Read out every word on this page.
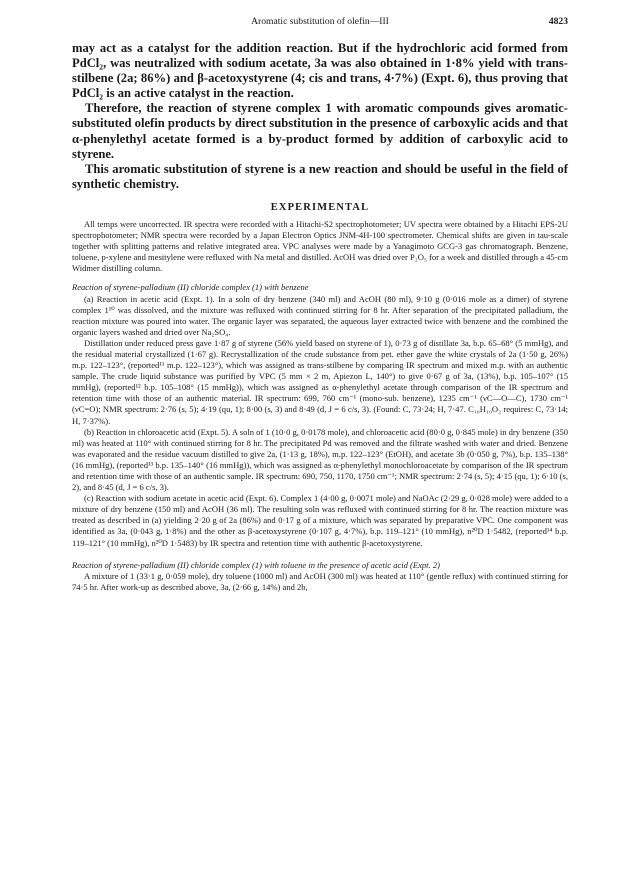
Aromatic substitution of olefin—III	4823

may act as a catalyst for the addition reaction. But if the hydrochloric acid formed from PdCl₂, was neutralized with sodium acetate, 3a was also obtained in 1·8% yield with trans-stilbene (2a; 86%) and β-acetoxystyrene (4; cis and trans, 4·7%) (Expt. 6), thus proving that PdCl₂ is an active catalyst in the reaction.

Therefore, the reaction of styrene complex 1 with aromatic compounds gives aromatic-substituted olefin products by direct substitution in the presence of carboxylic acids and that α-phenylethyl acetate formed is a by-product formed by addition of carboxylic acid to styrene.

This aromatic substitution of styrene is a new reaction and should be useful in the field of synthetic chemistry.

EXPERIMENTAL

All temps were uncorrected. IR spectra were recorded with a Hitachi-S2 spectrophotometer; UV spectra were obtained by a Hitachi EPS-2U spectrophotometer; NMR spectra were recorded by a Japan Electron Optics JNM-4H-100 spectrometer. Chemical shifts are given in tau-scale together with splitting patterns and relative integrated area. VPC analyses were made by a Yanagimoto GCG-3 gas chromatograph. Benzene, toluene, p-xylene and mesitylene were refluxed with Na metal and distilled. AcOH was dried over P₂O₅ for a week and distilled through a 45-cm Widmer distilling column.

Reaction of styrene-palladium (II) chloride complex (1) with benzene

(a) Reaction in acetic acid (Expt. 1). In a soln of dry benzene (340 ml) and AcOH (80 ml), 9·10 g (0·016 mole as a dimer) of styrene complex 1¹⁰ was dissolved, and the mixture was refluxed with continued stirring for 8 hr. After separation of the precipitated palladium, the reaction mixture was poured into water. The organic layer was separated, the aqueous layer extracted twice with benzene and the combined the organic layers washed and dried over Na₂SO₄.

Distillation under reduced press gave 1·87 g of styrene (56% yield based on styrene of 1), 0·73 g of distillate 3a, b.p. 65–68° (5 mmHg), and the residual material crystallized (1·67 g). Recrystallization of the crude substance from pet. ether gave the white crystals of 2a (1·50 g, 26%) m.p. 122–123°, (reported¹¹ m.p. 122–123°), which was assigned as trans-stilbene by comparing IR spectrum and mixed m.p. with an authentic sample. The crude liquid substance was purified by VPC (5 mm × 2 m, Apiezon L, 140°) to give 0·67 g of 3a, (13%), b.p. 105–107° (15 mmHg), (reported¹² b.p. 105–108° (15 mmHg)), which was assigned as α-phenylethyl acetate through comparison of the IR spectrum and retention time with those of an authentic material. IR spectrum: 699, 760 cm⁻¹ (mono-sub. benzene), 1235 cm⁻¹ (νC—O—C), 1730 cm⁻¹ (νC=O); NMR spectrum: 2·76 (s, 5); 4·19 (qu, 1); 8·00 (s, 3) and 8·49 (d, J = 6 c/s, 3). (Found: C, 73·24; H, 7·47. C₁₀H₁₀O₂ requires: C, 73·14; H, 7·37%).

(b) Reaction in chloroacetic acid (Expt. 5). A soln of 1 (10·0 g, 0·0178 mole), and chloroacetic acid (80·0 g, 0·845 mole) in dry benzene (350 ml) was heated at 110° with continued stirring for 8 hr. The precipitated Pd was removed and the filtrate washed with water and dried. Benzene was evaporated and the residue vacuum distilled to give 2a, (1·13 g, 18%), m.p. 122–123° (EtOH), and acetate 3b (0·050 g, 7%), b.p. 135–138° (16 mmHg), (reported¹³ b.p. 135–140° (16 mmHg)), which was assigned as α-phenylethyl monochloroacetate by comparison of the IR spectrum and retention time with those of an authentic sample. IR spectrum: 690, 750, 1170, 1750 cm⁻¹; NMR spectrum: 2·74 (s, 5); 4·15 (qu, 1); 6·10 (s, 2), and 8·45 (d, J = 6 c/s, 3).

(c) Reaction with sodium acetate in acetic acid (Expt. 6). Complex 1 (4·00 g, 0·0071 mole) and NaOAc (2·29 g, 0·028 mole) were added to a mixture of dry benzene (150 ml) and AcOH (36 ml). The resulting soln was refluxed with continued stirring for 8 hr. The reaction mixture was treated as described in (a) yielding 2·20 g of 2a (86%) and 0·17 g of a mixture, which was separated by preparative VPC. One component was identified as 3a, (0·043 g, 1·8%) and the other as β-acetoxystyrene (0·107 g, 4·7%), b.p. 119–121° (10 mmHg), n²⁰D 1·5482, (reported¹⁴ b.p. 119–121° (10 mmHg), n²⁰D 1·5483) by IR spectra and retention time with authentic β-acetoxystyrene.

Reaction of styrene-palladium (II) chloride complex (1) with toluene in the presence of acetic acid (Expt. 2)

A mixture of 1 (33·1 g, 0·059 mole), dry toluene (1000 ml) and AcOH (300 ml) was heated at 110° (gentle reflux) with continued stirring for 74·5 hr. After work-up as described above, 3a, (2·66 g, 14%) and 2b,
